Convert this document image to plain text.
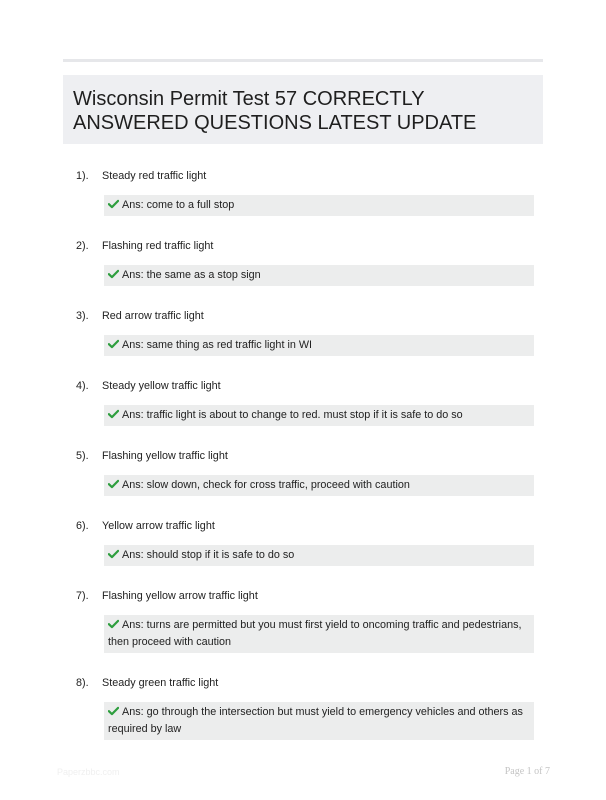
Wisconsin Permit Test 57 CORRECTLY
ANSWERED QUESTIONS LATEST UPDATE
1). Steady red traffic light
Ans: come to a full stop
2). Flashing red traffic light
Ans: the same as a stop sign
3). Red arrow traffic light
Ans: same thing as red traffic light in WI
4). Steady yellow traffic light
Ans: traffic light is about to change to red. must stop if it is safe to do so
5). Flashing yellow traffic light
Ans: slow down, check for cross traffic, proceed with caution
6). Yellow arrow traffic light
Ans: should stop if it is safe to do so
7). Flashing yellow arrow traffic light
Ans: turns are permitted but you must first yield to oncoming traffic and pedestrians, then proceed with caution
8). Steady green traffic light
Ans: go through the intersection but must yield to emergency vehicles and others as required by law
Paperzbbc.com	Page 1 of 7
